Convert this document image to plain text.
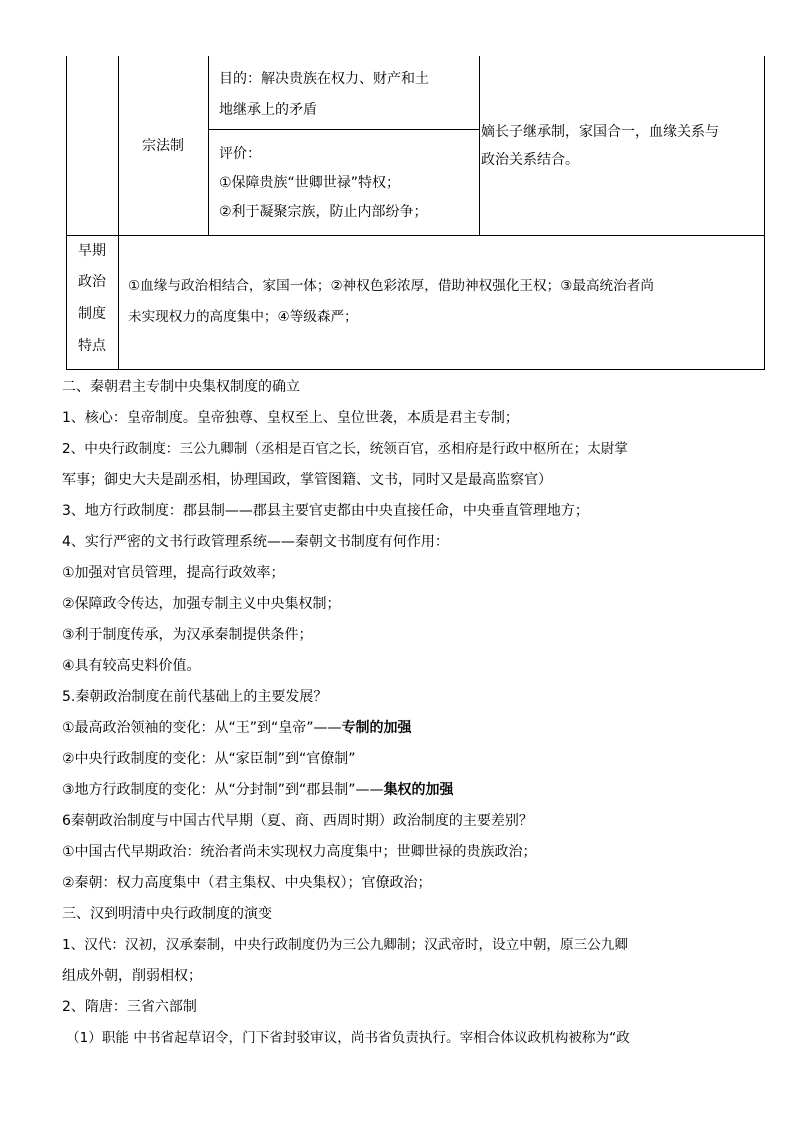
宗法制
目的：解决贵族在权力、财产和土
地继承上的矛盾
评价：
①保障贵族“世卿世禄”特权；
②利于凝聚宗族，防止内部纷争；
嫡长子继承制，家国合一，血缘关系与
政治关系结合。
早期
政治
制度
特点
①血缘与政治相结合，家国一体；②神权色彩浓厚，借助神权强化王权；③最高统治者尚
未实现权力的高度集中；④等级森严；
二、秦朝君主专制中央集权制度的确立
1、核心：皇帝制度。皇帝独尊、皇权至上、皇位世袭，本质是君主专制；
2、中央行政制度：三公九卿制（丞相是百官之长，统领百官，丞相府是行政中枢所在；太尉掌
军事；御史大夫是副丞相，协理国政，掌管图籍、文书，同时又是最高监察官）
3、地方行政制度：郡县制——郡县主要官吏都由中央直接任命，中央垂直管理地方；
4、实行严密的文书行政管理系统——秦朝文书制度有何作用：
①加强对官员管理，提高行政效率；
②保障政令传达，加强专制主义中央集权制；
③利于制度传承，为汉承秦制提供条件；
④具有较高史料价值。
5.秦朝政治制度在前代基础上的主要发展？
①最高政治领袖的变化：从“王”到“皇帝”——专制的加强
②中央行政制度的变化：从“家臣制”到“官僚制”
③地方行政制度的变化：从“分封制”到“郡县制”——集权的加强
6秦朝政治制度与中国古代早期（夏、商、西周时期）政治制度的主要差别？
①中国古代早期政治：统治者尚未实现权力高度集中；世卿世禄的贵族政治；
②秦朝：权力高度集中（君主集权、中央集权）；官僚政治；
三、汉到明清中央行政制度的演变
1、汉代：汉初，汉承秦制，中央行政制度仍为三公九卿制；汉武帝时，设立中朝，原三公九卿
组成外朝，削弱相权；
2、隋唐：三省六部制
（1）职能 中书省起草诏令，门下省封驳审议，尚书省负责执行。宰相合体议政机构被称为“政
